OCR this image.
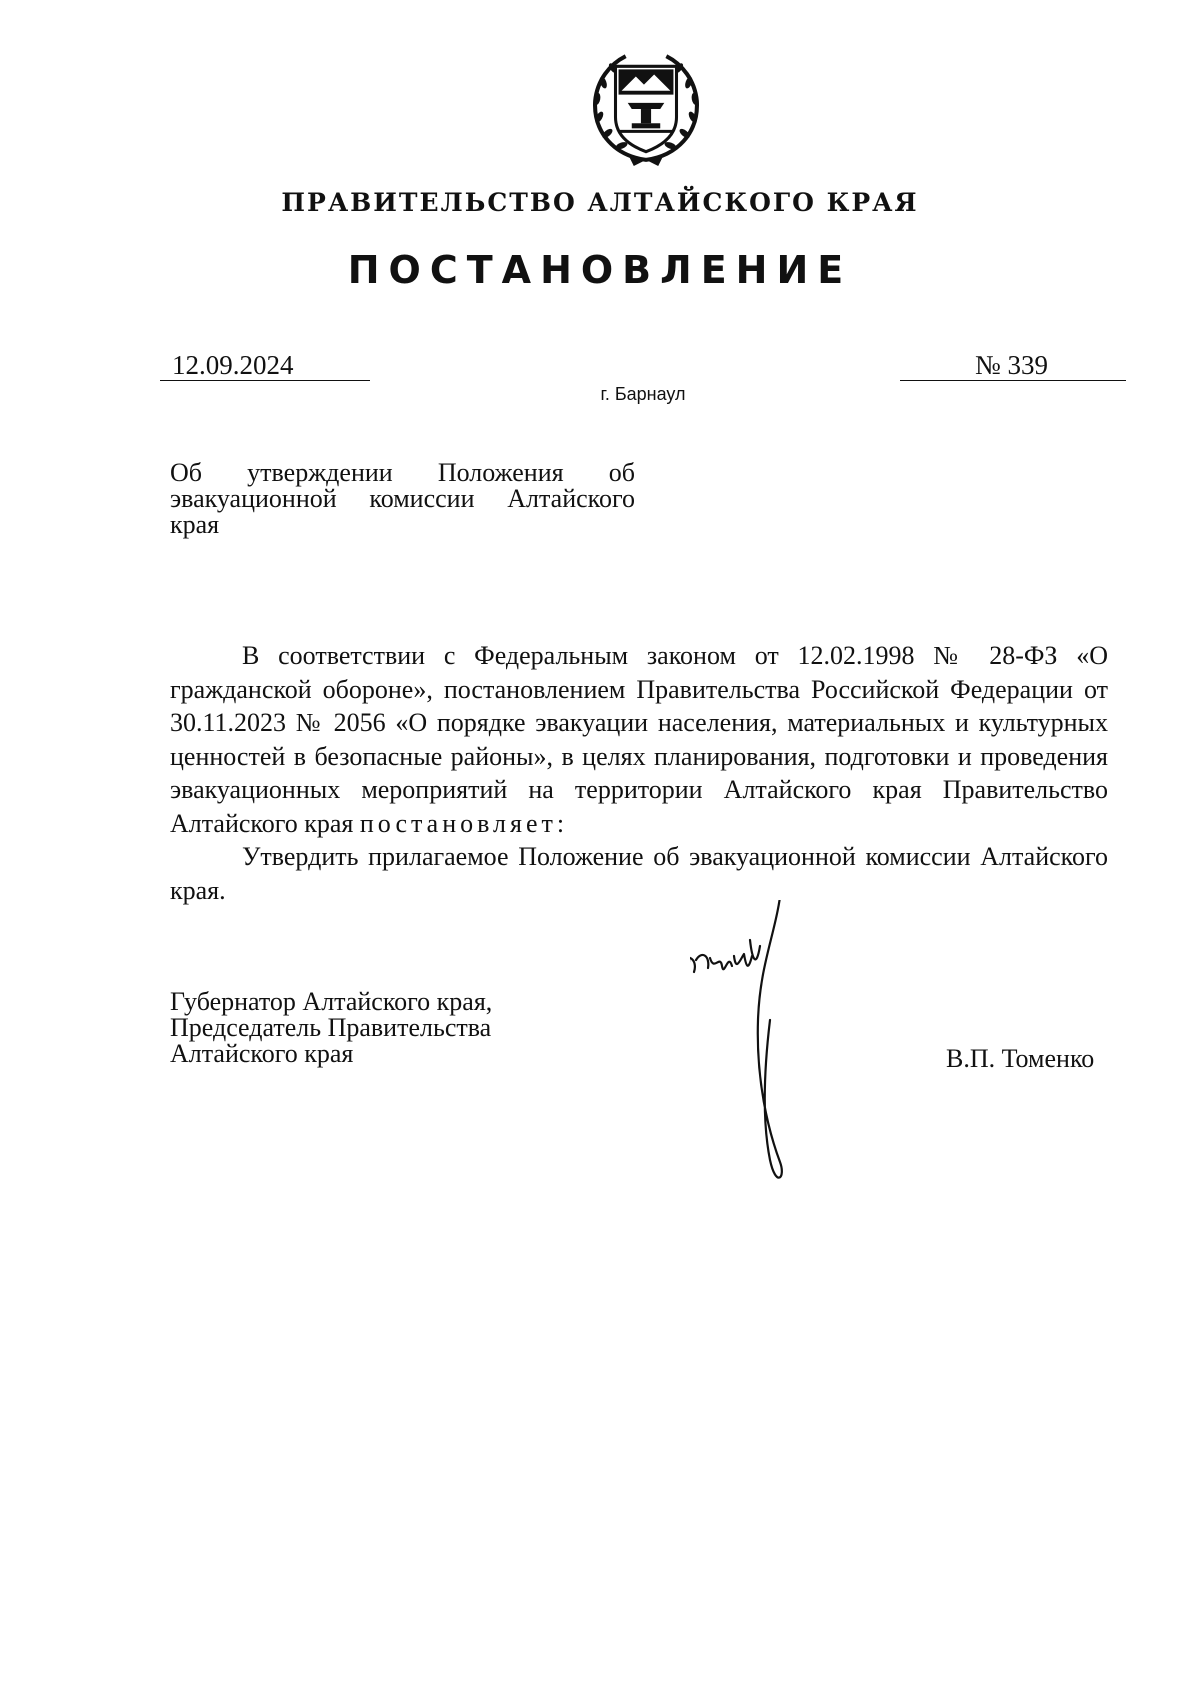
ПРАВИТЕЛЬСТВО АЛТАЙСКОГО КРАЯ
ПОСТАНОВЛЕНИЕ
12.09.2024	№ 339
г. Барнаул

Об утверждении Положения об эвакуационной комиссии Алтайского края

В соответствии с Федеральным законом от 12.02.1998 № 28-ФЗ «О гражданской обороне», постановлением Правительства Российской Федерации от 30.11.2023 № 2056 «О порядке эвакуации населения, материальных и культурных ценностей в безопасные районы», в целях планирования, подготовки и проведения эвакуационных мероприятий на территории Алтайского края Правительство Алтайского края постановляет:

Утвердить прилагаемое Положение об эвакуационной комиссии Алтайского края.

Губернатор Алтайского края,
Председатель Правительства
Алтайского края	В.П. Томенко
